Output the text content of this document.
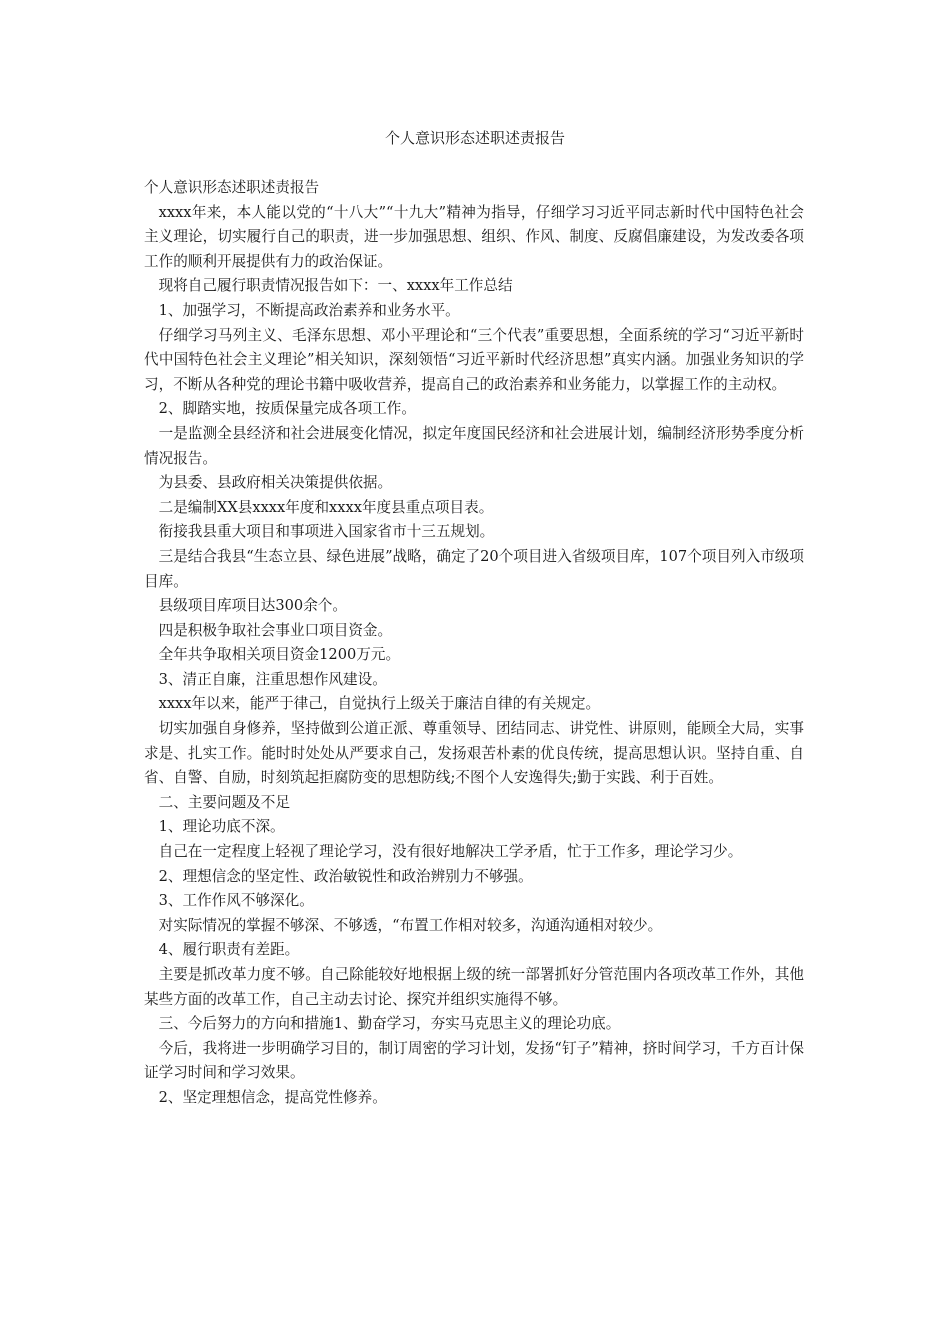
个人意识形态述职述责报告

个人意识形态述职述责报告

xxxx年来，本人能以党的“十八大”“十九大”精神为指导，仔细学习习近平同志新时代中国特色社会主义理论，切实履行自己的职责，进一步加强思想、组织、作风、制度、反腐倡廉建设，为发改委各项工作的顺利开展提供有力的政治保证。

现将自己履行职责情况报告如下：一、xxxx年工作总结

1、加强学习，不断提高政治素养和业务水平。

仔细学习马列主义、毛泽东思想、邓小平理论和“三个代表”重要思想，全面系统的学习“习近平新时代中国特色社会主义理论”相关知识，深刻领悟“习近平新时代经济思想”真实内涵。加强业务知识的学习，不断从各种党的理论书籍中吸收营养，提高自己的政治素养和业务能力，以掌握工作的主动权。

2、脚踏实地，按质保量完成各项工作。

一是监测全县经济和社会进展变化情况，拟定年度国民经济和社会进展计划，编制经济形势季度分析情况报告。

为县委、县政府相关决策提供依据。

二是编制XX县xxxx年度和xxxx年度县重点项目表。

衔接我县重大项目和事项进入国家省市十三五规划。

三是结合我县“生态立县、绿色进展”战略，确定了20个项目进入省级项目库，107个项目列入市级项目库。

县级项目库项目达300余个。

四是积极争取社会事业口项目资金。

全年共争取相关项目资金1200万元。

3、清正自廉，注重思想作风建设。

xxxx年以来，能严于律己，自觉执行上级关于廉洁自律的有关规定。

切实加强自身修养，坚持做到公道正派、尊重领导、团结同志、讲党性、讲原则，能顾全大局，实事求是、扎实工作。能时时处处从严要求自己，发扬艰苦朴素的优良传统，提高思想认识。坚持自重、自省、自警、自励，时刻筑起拒腐防变的思想防线;不图个人安逸得失;勤于实践、利于百姓。

二、主要问题及不足

1、理论功底不深。

自己在一定程度上轻视了理论学习，没有很好地解决工学矛盾，忙于工作多，理论学习少。

2、理想信念的坚定性、政治敏锐性和政治辨别力不够强。

3、工作作风不够深化。

对实际情况的掌握不够深、不够透，“布置工作相对较多，沟通沟通相对较少。

4、履行职责有差距。

主要是抓改革力度不够。自己除能较好地根据上级的统一部署抓好分管范围内各项改革工作外，其他某些方面的改革工作，自己主动去讨论、探究并组织实施得不够。

三、今后努力的方向和措施1、勤奋学习，夯实马克思主义的理论功底。

今后，我将进一步明确学习目的，制订周密的学习计划，发扬“钉子”精神，挤时间学习，千方百计保证学习时间和学习效果。

2、坚定理想信念，提高党性修养。
